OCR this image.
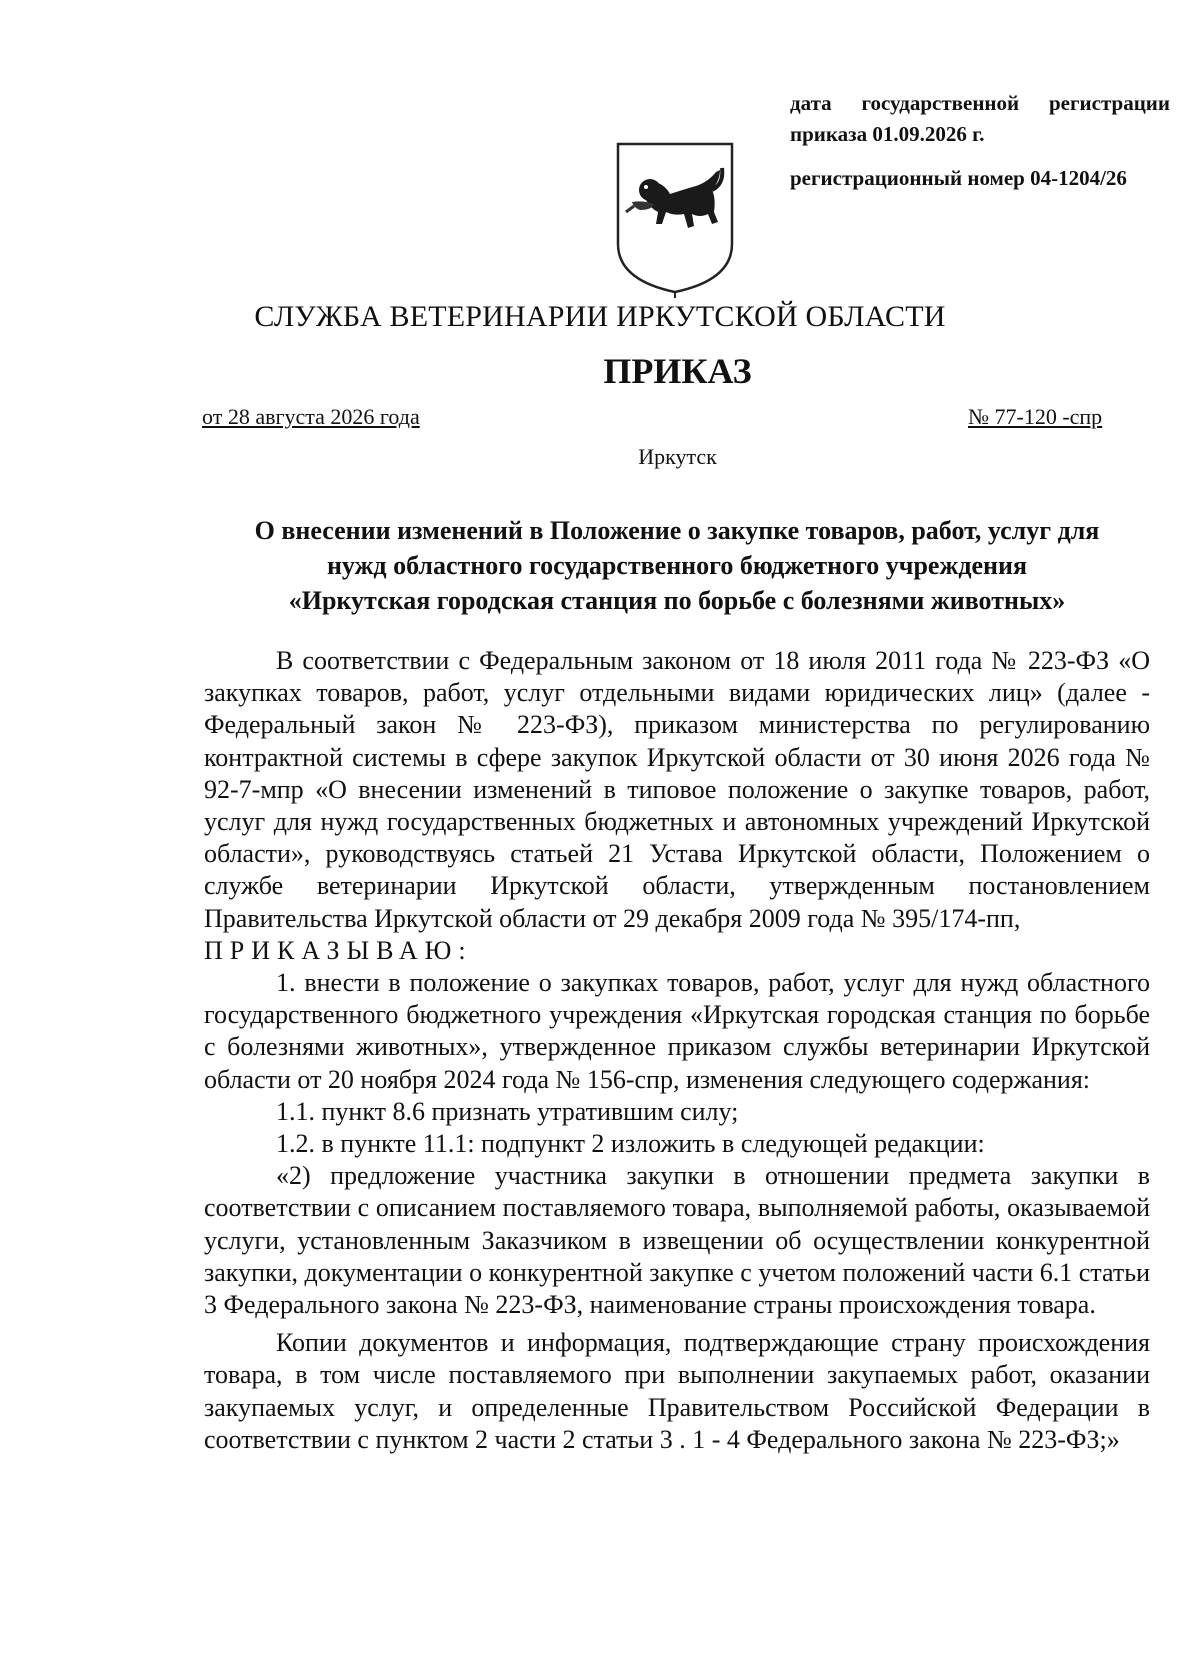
дата государственной регистрации
приказа 01.09.2026 г.
регистрационный номер 04-1204/26
СЛУЖБА ВЕТЕРИНАРИИ ИРКУТСКОЙ ОБЛАСТИ
ПРИКАЗ
от 28 августа 2026 года	№ 77-120 -спр
Иркутск
О внесении изменений в Положение о закупке товаров, работ, услуг для
нужд областного государственного бюджетного учреждения
«Иркутская городская станция по борьбе с болезнями животных»

В соответствии с Федеральным законом от 18 июля 2011 года № 223-ФЗ «О закупках товаров, работ, услуг отдельными видами юридических лиц» (далее - Федеральный закон № 223-ФЗ), приказом министерства по регулированию контрактной системы в сфере закупок Иркутской области от 30 июня 2026 года № 92-7-мпр «О внесении изменений в типовое положение о закупке товаров, работ, услуг для нужд государственных бюджетных и автономных учреждений Иркутской области», руководствуясь статьей 21 Устава Иркутской области, Положением о службе ветеринарии Иркутской области, утвержденным постановлением Правительства Иркутской области от 29 декабря 2009 года № 395/174-пп,

ПРИКАЗЫВАЮ:

1. внести в положение о закупках товаров, работ, услуг для нужд областного государственного бюджетного учреждения «Иркутская городская станция по борьбе с болезнями животных», утвержденное приказом службы ветеринарии Иркутской области от 20 ноября 2024 года № 156-спр, изменения следующего содержания:

1.1. пункт 8.6 признать утратившим силу;

1.2. в пункте 11.1: подпункт 2 изложить в следующей редакции:

«2) предложение участника закупки в отношении предмета закупки в соответствии с описанием поставляемого товара, выполняемой работы, оказываемой услуги, установленным Заказчиком в извещении об осуществлении конкурентной закупки, документации о конкурентной закупке с учетом положений части 6.1 статьи 3 Федерального закона № 223-ФЗ, наименование страны происхождения товара.

Копии документов и информация, подтверждающие страну происхождения товара, в том числе поставляемого при выполнении закупаемых работ, оказании закупаемых услуг, и определенные Правительством Российской Федерации в соответствии с пунктом 2 части 2 статьи 3 . 1 - 4 Федерального закона № 223-ФЗ;»
